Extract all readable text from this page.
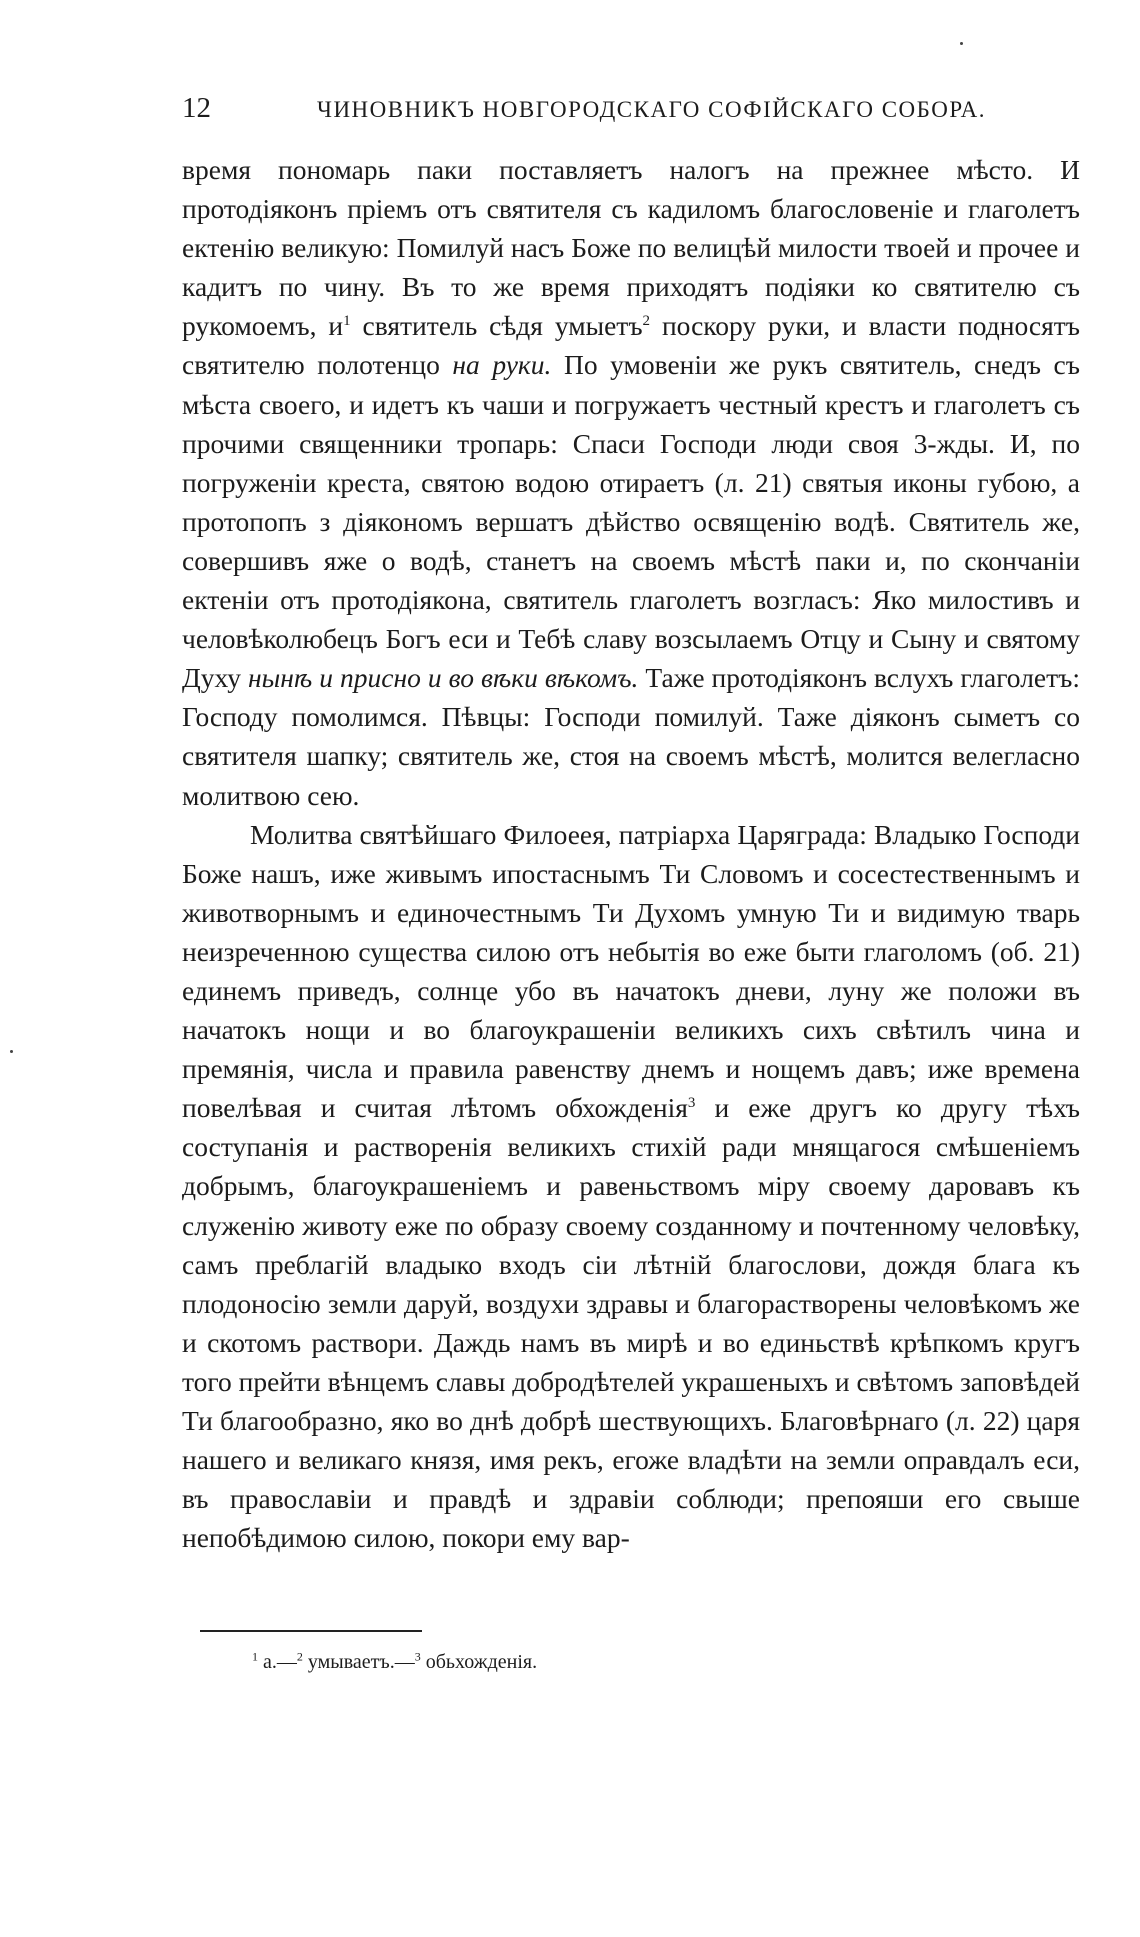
12	ЧИНОВНИКЪ НОВГОРОДСКАГО СОФІЙСКАГО СОБОРА.

время пономарь паки поставляетъ налогъ на прежнее мѣсто. И протодіяконъ пріемъ отъ святителя съ кадиломъ благословеніе и глаголетъ ектенію великую: Помилуй насъ Боже по велицѣй милости твоей и прочее и кадитъ по чину. Въ то же время приходятъ подіяки ко святителю съ рукомоемъ, $и^1$ святитель сѣдя умыетъ$^2$ поскору руки, и власти подносятъ святителю полотенцо на руки. По умовеніи же рукъ святитель, снедъ съ мѣста своего, и идетъ къ чаши и погружаетъ честный крестъ и глаголетъ съ прочими священники тропарь: Спаси Господи люди своя 3-жды. И, по погруженіи креста, святою водою отираетъ (л. 21) святыя иконы губою, а протопопъ з діякономъ вершатъ дѣйство освященію водѣ. Святитель же, совершивъ яже о водѣ, станетъ на своемъ мѣстѣ паки и, по скончаніи ектеніи отъ протодіякона, святитель глаголетъ возгласъ: Яко милостивъ и человѣколюбецъ Богъ еси и Тебѣ славу возсылаемъ Отцу и Сыну и святому Духу нынѣ и присно и во вѣки вѣкомъ. Таже протодіяконъ вслухъ глаголетъ: Господу помолимся. Пѣвцы: Господи помилуй. Таже діяконъ сыметъ со святителя шапку; святитель же, стоя на своемъ мѣстѣ, молится велегласно молитвою сею.

Молитва святѣйшаго Филоеея, патріарха Царяграда: Владыко Господи Боже нашъ, иже живымъ ипостаснымъ Ти Словомъ и сосестественнымъ и животворнымъ и единочестнымъ Ти Духомъ умную Ти и видимую тварь неизреченною существа силою отъ небытія во еже быти глаголомъ (об. 21) единемъ приведъ, солнце убо въ начатокъ дневи, луну же положи въ начатокъ нощи и во благоукрашеніи великихъ сихъ свѣтилъ чина и премянія, числа и правила равенству днемъ и нощемъ давъ; иже времена повелѣвая и считая лѣтомъ обхожденія$^3$ и еже другъ ко другу тѣхъ соступанія и растворенія великихъ стихій ради мнящагося смѣшеніемъ добрымъ, благоукрашеніемъ и равеньствомъ міру своему даровавъ къ служенію животу еже по образу своему созданному и почтенному человѣку, самъ преблагій владыко входъ сіи лѣтній благослови, дождя блага къ плодоносію земли даруй, воздухи здравы и благорастворены человѣкомъ же и скотомъ раствори. Даждь намъ въ мирѣ и во единьствѣ крѣпкомъ кругъ того прейти вѣнцемъ славы добродѣтелей украшеныхъ и свѣтомъ заповѣдей Ти благообразно, яко во днѣ добрѣ шествующихъ. Благовѣрнаго (л. 22) царя нашего и великаго князя, имя рекъ, егоже владѣти на земли оправдалъ еси, въ православіи и правдѣ и здравіи соблюди; препояши его свыше непобѣдимою силою, покори ему вар-

$^1$ а.—$^2$ умываетъ.—$^3$ обьхожденія.
